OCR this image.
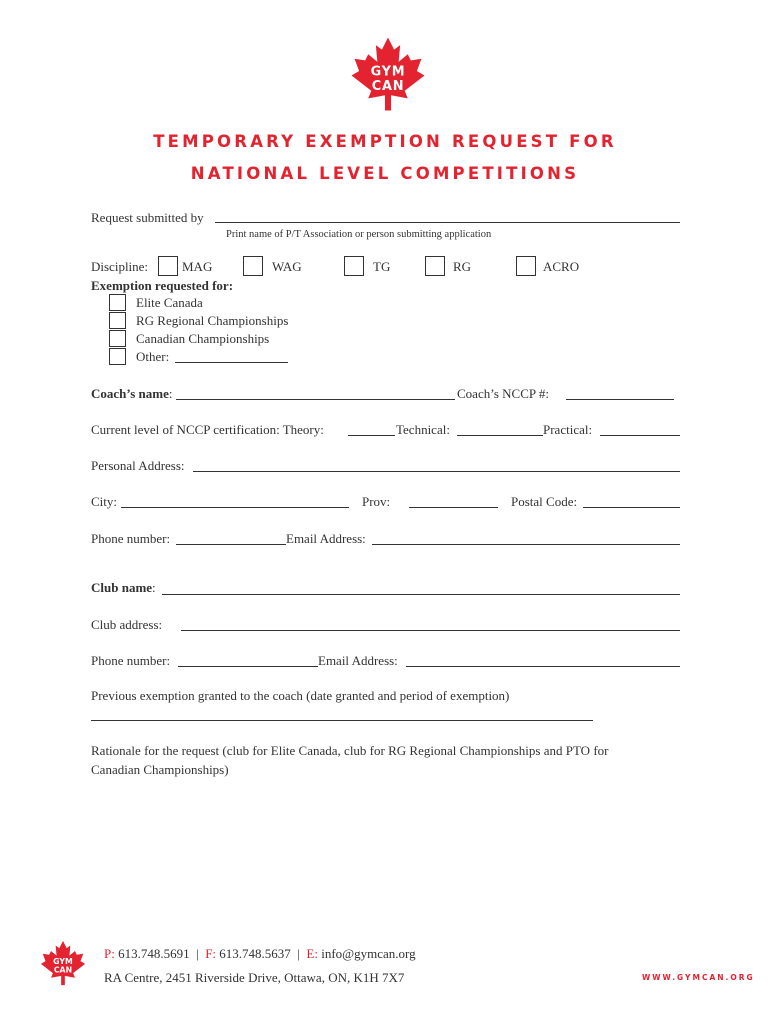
GYM
CAN
TEMPORARY EXEMPTION REQUEST FOR
NATIONAL LEVEL COMPETITIONS
Request submitted by
Print name of P/T Association or person submitting application
Discipline:	MAG	WAG	TG	RG	ACRO
Exemption requested for:
Elite Canada
RG Regional Championships
Canadian Championships
Other:
Coach’s name:	Coach’s NCCP #:
Current level of NCCP certification: Theory:	Technical:	Practical:
Personal Address:
City:	Prov:	Postal Code:
Phone number:	Email Address:
Club name:
Club address:
Phone number:	Email Address:
Previous exemption granted to the coach (date granted and period of exemption)
Rationale for the request (club for Elite Canada, club for RG Regional Championships and PTO for
Canadian Championships)
GYM
CAN
P: 613.748.5691 | F: 613.748.5637 | E: info@gymcan.org
RA Centre, 2451 Riverside Drive, Ottawa, ON, K1H 7X7	WWW.GYMCAN.ORG
